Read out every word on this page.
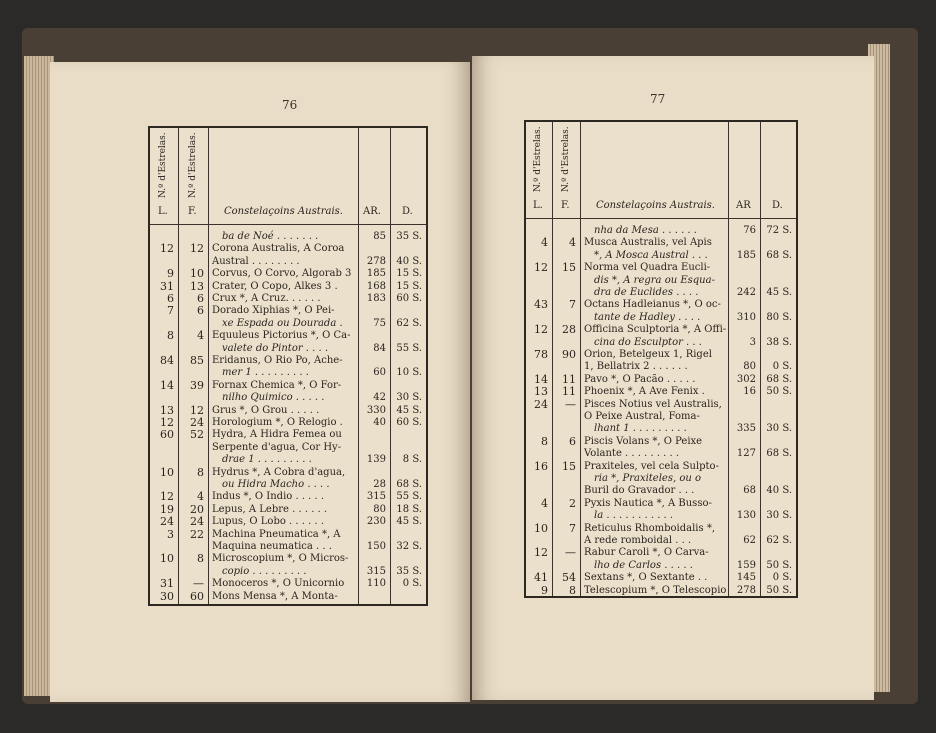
76
N.º d'Estrelas. N.º d'Estrelas.
L. F.	Constelaçoins Austrais. AR. D.
ba de Noé . . . . . . .	85	35 S.
12	12 Corona Australis, A Coroa
Austral . . . . . . . .	278	40 S.
9	10 Corvus, O Corvo, Algorab 3	185	15 S.
31	13 Crater, O Copo, Alkes 3 .	168	15 S.
6	6 Crux *, A Cruz. . . . . .	183	60 S.
7	6 Dorado Xiphias *, O Pei-
xe Espada ou Dourada .	75	62 S.
8	4 Equuleus Pictorius *, O Ca-
valete do Pintor . . . .	84	55 S.
84	85 Eridanus, O Rio Po, Ache-
mer 1 . . . . . . . . .	60	10 S.
14	39 Fornax Chemica *, O For-
nilho Quimico . . . . .	42	30 S.
13	12 Grus *, O Grou . . . . .	330	45 S.
12	24 Horologium *, O Relogio .	40	60 S.
60	52 Hydra, A Hidra Femea ou
Serpente d'agua, Cor Hy-
drae 1 . . . . . . . . .	139	8 S.
10	8 Hydrus *, A Cobra d'agua,
ou Hidra Macho . . . .	28	68 S.
12	4 Indus *, O Indio . . . . .	315	55 S.
19	20 Lepus, A Lebre . . . . . .	80	18 S.
24	24 Lupus, O Lobo . . . . . .	230	45 S.
3	22 Machina Pneumatica *, A
Maquina neumatica . . .	150	32 S.
10	8 Microscopium *, O Micros-
copio . . . . . . . . .	315	35 S.
31	— Monoceros *, O Unicornio	110	0 S.
30	60 Mons Mensa *, A Monta-
77
N.º d'Estrelas. N.º d'Estrelas.
L. F.	Constelaçoins Austrais. AR D.
nha da Mesa . . . . . .	76	72 S.
4	4 Musca Australis, vel Apis
*, A Mosca Austral . . .	185	68 S.
12	15 Norma vel Quadra Eucli-
dis *, A regra ou Esqua-
dra de Euclides . . . .	242	45 S.
43	7 Octans Hadleianus *, O oc-
tante de Hadley . . . .	310	80 S.
12	28 Officina Sculptoria *, A Offi-
cina do Esculptor . . .	3	38 S.
78	90 Orion, Betelgeux 1, Rigel
1, Bellatrix 2 . . . . . .	80	0 S.
14	11 Pavo *, O Pacão . . . . .	302	68 S.
13	11 Phoenix *, A Ave Fenix .	16	50 S.
24	— Pisces Notius vel Australis,
O Peixe Austral, Foma-
lhant 1 . . . . . . . . .	335	30 S.
8	6 Piscis Volans *, O Peixe
Volante . . . . . . . . .	127	68 S.
16	15 Praxiteles, vel cela Sulpto-
ria *, Praxiteles, ou o
Buril do Gravador . . .	68	40 S.
4	2 Pyxis Nautica *, A Busso-
la . . . . . . . . . . .	130	30 S.
10	7 Reticulus Rhomboidalis *,
A rede romboidal . . .	62	62 S.
12	— Rabur Caroli *, O Carva-
lho de Carlos . . . . .	159	50 S.
41	54 Sextans *, O Sextante . .	145	0 S.
9	8 Telescopium *, O Telescopio	278	50 S.
